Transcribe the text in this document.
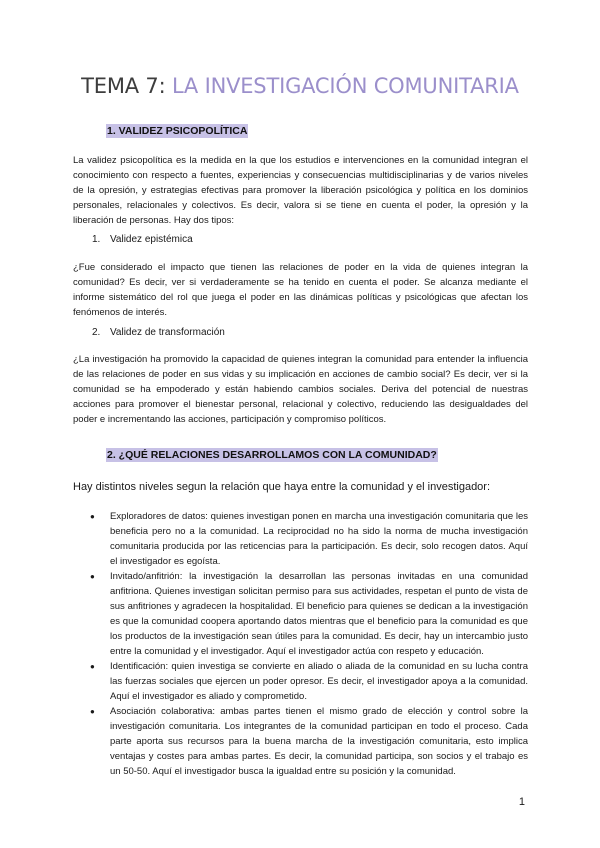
TEMA 7: LA INVESTIGACIÓN COMUNITARIA
1. VALIDEZ PSICOPOLÍTICA

La validez psicopolítica es la medida en la que los estudios e intervenciones en la comunidad integran el conocimiento con respecto a fuentes, experiencias y consecuencias multidisciplinarias y de varios niveles de la opresión, y estrategias efectivas para promover la liberación psicológica y política en los dominios personales, relacionales y colectivos. Es decir, valora si se tiene en cuenta el poder, la opresión y la liberación de personas. Hay dos tipos:

1. Validez epistémica

¿Fue considerado el impacto que tienen las relaciones de poder en la vida de quienes integran la comunidad? Es decir, ver si verdaderamente se ha tenido en cuenta el poder. Se alcanza mediante el informe sistemático del rol que juega el poder en las dinámicas políticas y psicológicas que afectan los fenómenos de interés.

2. Validez de transformación

¿La investigación ha promovido la capacidad de quienes integran la comunidad para entender la influencia de las relaciones de poder en sus vidas y su implicación en acciones de cambio social? Es decir, ver si la comunidad se ha empoderado y están habiendo cambios sociales. Deriva del potencial de nuestras acciones para promover el bienestar personal, relacional y colectivo, reduciendo las desigualdades del poder e incrementando las acciones, participación y compromiso políticos.

2. ¿QUÉ RELACIONES DESARROLLAMOS CON LA COMUNIDAD?
Hay distintos niveles segun la relación que haya entre la comunidad y el investigador:
● Exploradores de datos: quienes investigan ponen en marcha una investigación comunitaria que les beneficia pero no a la comunidad. La reciprocidad no ha sido la norma de mucha investigación comunitaria producida por las reticencias para la participación. Es decir, solo recogen datos. Aquí el investigador es egoísta.
● Invitado/anfitrión: la investigación la desarrollan las personas invitadas en una comunidad anfitriona. Quienes investigan solicitan permiso para sus actividades, respetan el punto de vista de sus anfitriones y agradecen la hospitalidad. El beneficio para quienes se dedican a la investigación es que la comunidad coopera aportando datos mientras que el beneficio para la comunidad es que los productos de la investigación sean útiles para la comunidad. Es decir, hay un intercambio justo entre la comunidad y el investigador. Aquí el investigador actúa con respeto y educación.
● Identificación: quien investiga se convierte en aliado o aliada de la comunidad en su lucha contra las fuerzas sociales que ejercen un poder opresor. Es decir, el investigador apoya a la comunidad. Aquí el investigador es aliado y comprometido.
● Asociación colaborativa: ambas partes tienen el mismo grado de elección y control sobre la investigación comunitaria. Los integrantes de la comunidad participan en todo el proceso. Cada parte aporta sus recursos para la buena marcha de la investigación comunitaria, esto implica ventajas y costes para ambas partes. Es decir, la comunidad participa, son socios y el trabajo es un 50-50. Aquí el investigador busca la igualdad entre su posición y la comunidad.
1
